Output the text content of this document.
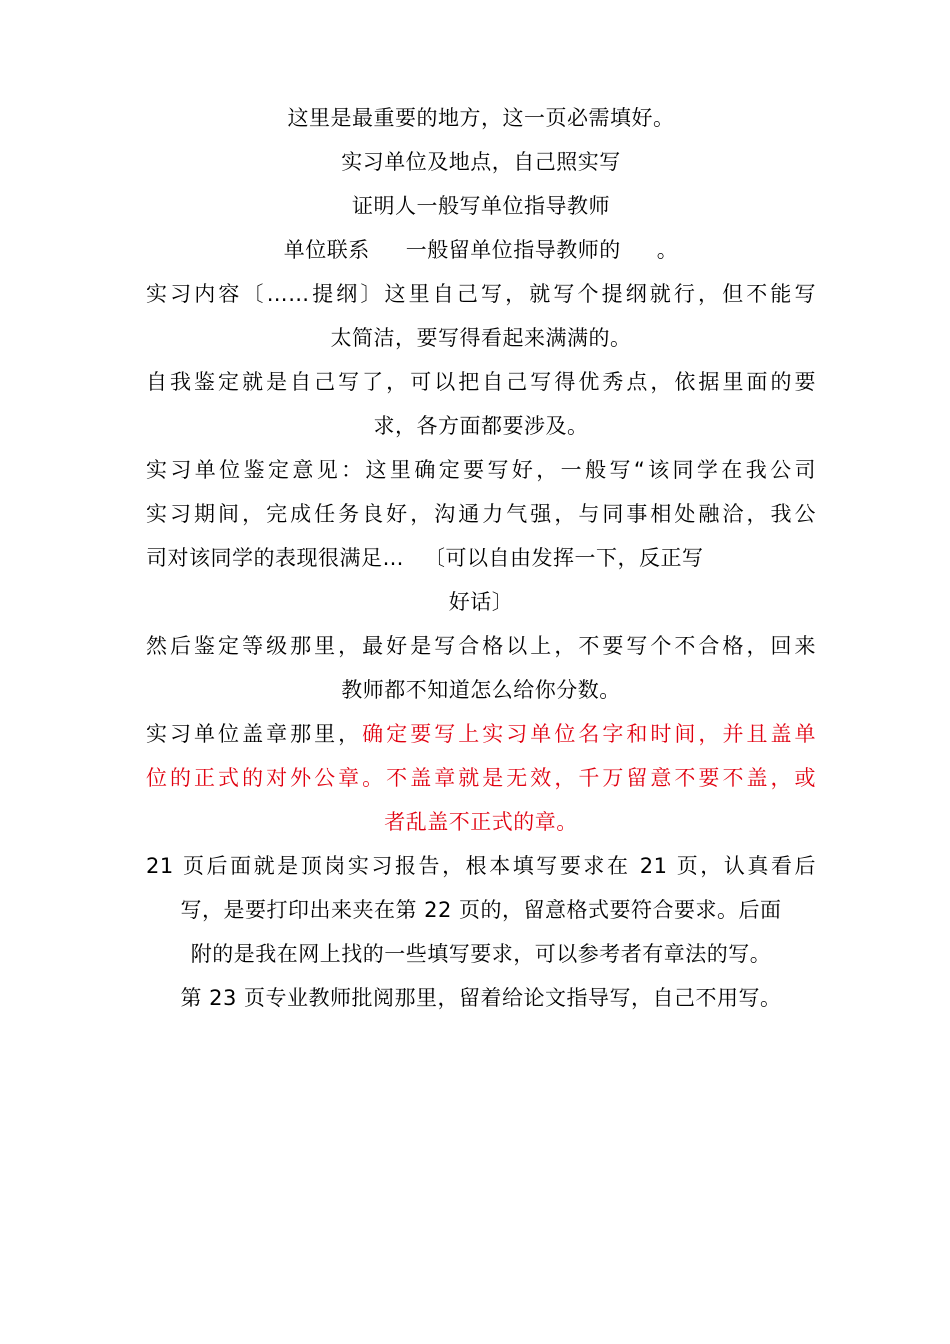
这里是最重要的地方，这一页必需填好。
实习单位及地点，自己照实写
证明人一般写单位指导教师
单位联系 一般留单位指导教师的 。
实习内容〔……提纲〕这里自己写，就写个提纲就行，但不能写
太简洁，要写得看起来满满的。
自我鉴定就是自己写了，可以把自己写得优秀点，依据里面的要
求，各方面都要涉及。
实习单位鉴定意见：这里确定要写好，一般写“该同学在我公司
实习期间，完成任务良好，沟通力气强，与同事相处融洽，我公
司对该同学的表现很满足… 〔可以自由发挥一下，反正写
好话〕
然后鉴定等级那里，最好是写合格以上，不要写个不合格，回来
教师都不知道怎么给你分数。
实习单位盖章那里，确定要写上实习单位名字和时间，并且盖单
位的正式的对外公章。不盖章就是无效，千万留意不要不盖，或
者乱盖不正式的章。
21 页后面就是顶岗实习报告，根本填写要求在 21 页，认真看后
写，是要打印出来夹在第 22 页的，留意格式要符合要求。后面
附的是我在网上找的一些填写要求，可以参考者有章法的写。
第 23 页专业教师批阅那里，留着给论文指导写，自己不用写。
